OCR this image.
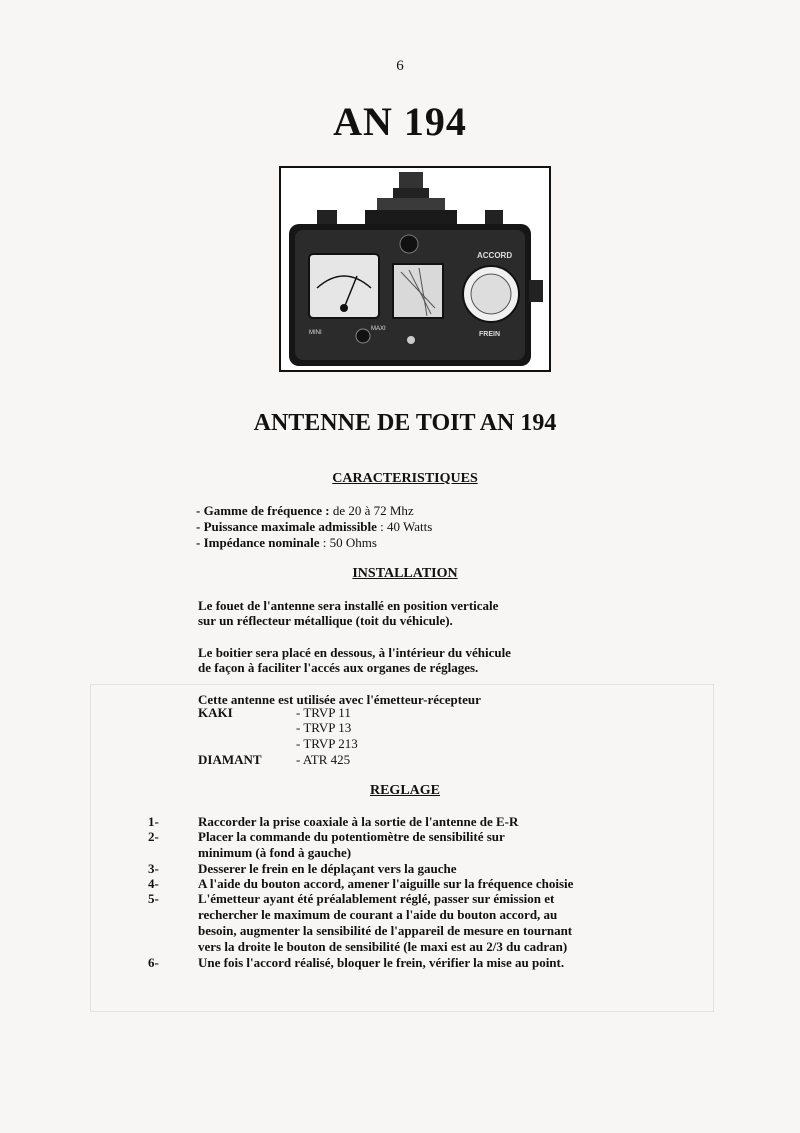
6
AN 194
ACCORD
FREIN
MINI
MAXI
ANTENNE DE TOIT AN 194
CARACTERISTIQUES
- Gamme de fréquence : de 20 à 72 Mhz
- Puissance maximale admissible : 40 Watts
- Impédance nominale : 50 Ohms
INSTALLATION
Le fouet de l'antenne sera installé en position verticale
sur un réflecteur métallique (toit du véhicule).
Le boitier sera placé en dessous, à l'intérieur du véhicule
de façon à faciliter l'accés aux organes de réglages.
Cette antenne est utilisée avec l'émetteur-récepteur
KAKI	- TRVP 11
- TRVP 13
- TRVP 213
DIAMANT	- ATR 425
REGLAGE
1-	Raccorder la prise coaxiale à la sortie de l'antenne de E-R
2-	Placer la commande du potentiomètre de sensibilité sur minimum (à fond à gauche)
3-	Desserer le frein en le déplaçant vers la gauche
4-	A l'aide du bouton accord, amener l'aiguille sur la fréquence choisie
5-	L'émetteur ayant été préalablement réglé, passer sur émission et rechercher le maximum de courant a l'aide du bouton accord, au besoin, augmenter la sensibilité de l'appareil de mesure en tournant vers la droite le bouton de sensibilité (le maxi est au 2/3 du cadran)
6-	Une fois l'accord réalisé, bloquer le frein, vérifier la mise au point.
